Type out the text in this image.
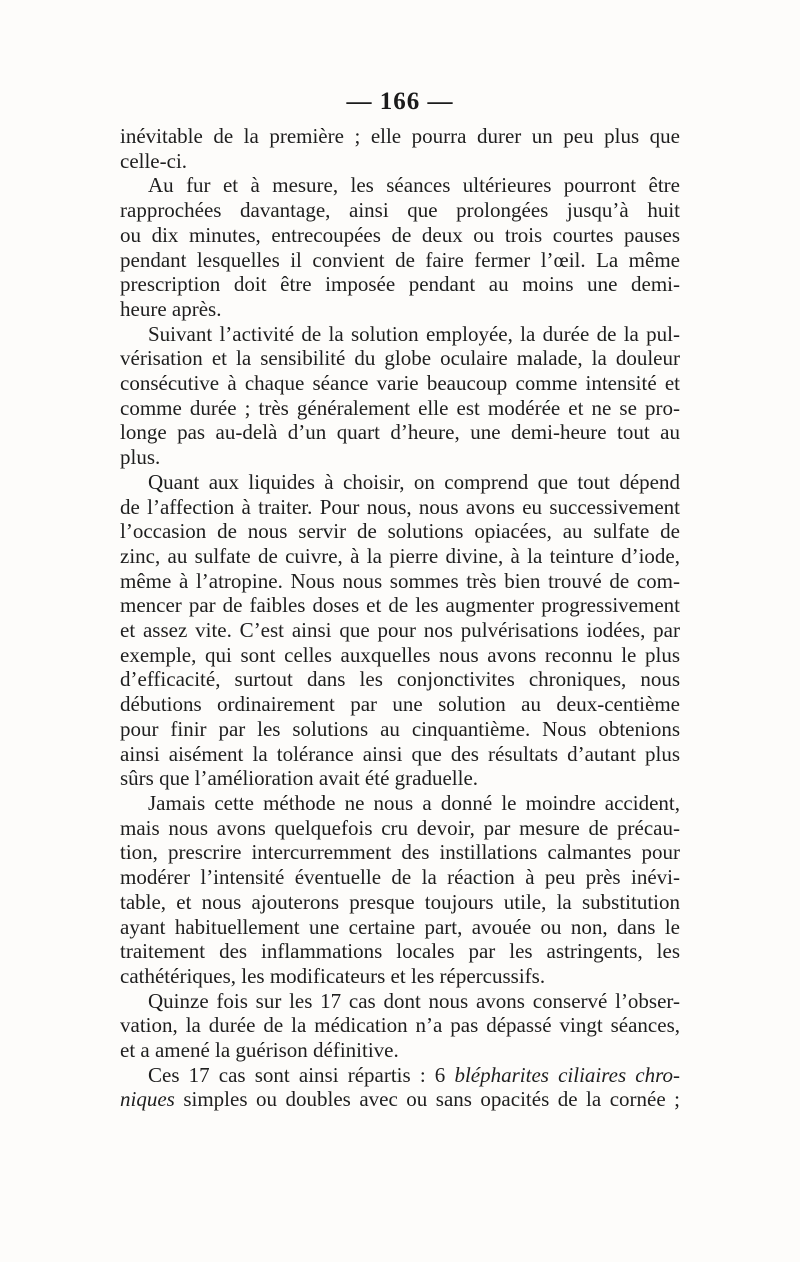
— 166 —

inévitable de la première ; elle pourra durer un peu plus que
celle-ci.

Au fur et à mesure, les séances ultérieures pourront être
rapprochées davantage, ainsi que prolongées jusqu’à huit
ou dix minutes, entrecoupées de deux ou trois courtes pauses
pendant lesquelles il convient de faire fermer l’œil. La même
prescription doit être imposée pendant au moins une demi-
heure après.

Suivant l’activité de la solution employée, la durée de la pul-
vérisation et la sensibilité du globe oculaire malade, la douleur
consécutive à chaque séance varie beaucoup comme intensité et
comme durée ; très généralement elle est modérée et ne se pro-
longe pas au-delà d’un quart d’heure, une demi-heure tout au
plus.

Quant aux liquides à choisir, on comprend que tout dépend
de l’affection à traiter. Pour nous, nous avons eu successivement
l’occasion de nous servir de solutions opiacées, au sulfate de
zinc, au sulfate de cuivre, à la pierre divine, à la teinture d’iode,
même à l’atropine. Nous nous sommes très bien trouvé de com-
mencer par de faibles doses et de les augmenter progressivement
et assez vite. C’est ainsi que pour nos pulvérisations iodées, par
exemple, qui sont celles auxquelles nous avons reconnu le plus
d’efficacité, surtout dans les conjonctivites chroniques, nous
débutions ordinairement par une solution au deux-centième
pour finir par les solutions au cinquantième. Nous obtenions
ainsi aisément la tolérance ainsi que des résultats d’autant plus
sûrs que l’amélioration avait été graduelle.

Jamais cette méthode ne nous a donné le moindre accident,
mais nous avons quelquefois cru devoir, par mesure de précau-
tion, prescrire intercurremment des instillations calmantes pour
modérer l’intensité éventuelle de la réaction à peu près inévi-
table, et nous ajouterons presque toujours utile, la substitution
ayant habituellement une certaine part, avouée ou non, dans le
traitement des inflammations locales par les astringents, les
cathétériques, les modificateurs et les répercussifs.

Quinze fois sur les 17 cas dont nous avons conservé l’obser-
vation, la durée de la médication n’a pas dépassé vingt séances,
et a amené la guérison définitive.

Ces 17 cas sont ainsi répartis : 6 blépharites ciliaires chro-
niques simples ou doubles avec ou sans opacités de la cornée ;
